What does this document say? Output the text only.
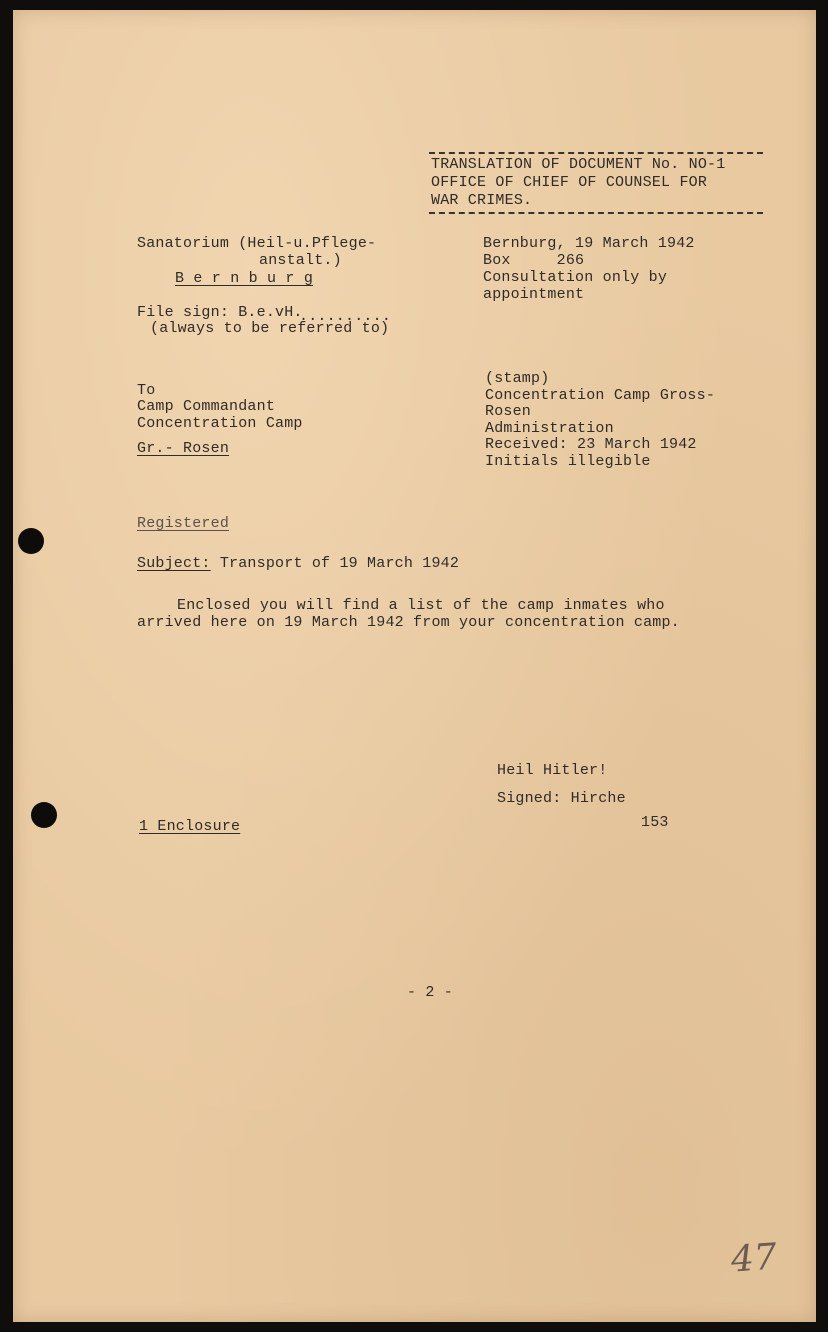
TRANSLATION OF DOCUMENT No. NO-1
OFFICE OF CHIEF OF COUNSEL FOR
WAR CRIMES.
Sanatorium (Heil-u.Pflege-
anstalt.)
B e r n b u r g
File sign: B.e.vH.
..........
(always to be referred to)
Bernburg, 19 March 1942
Box     266
Consultation only by
appointment
To
Camp Commandant
Concentration Camp
Gr.- Rosen
(stamp)
Concentration Camp Gross-
Rosen
Administration
Received: 23 March 1942
Initials illegible
Registered
Subject: Transport of 19 March 1942
Enclosed you will find a list of the camp inmates who
arrived here on 19 March 1942 from your concentration camp.
Heil Hitler!
Signed: Hirche
153
1 Enclosure
- 2 -
47
